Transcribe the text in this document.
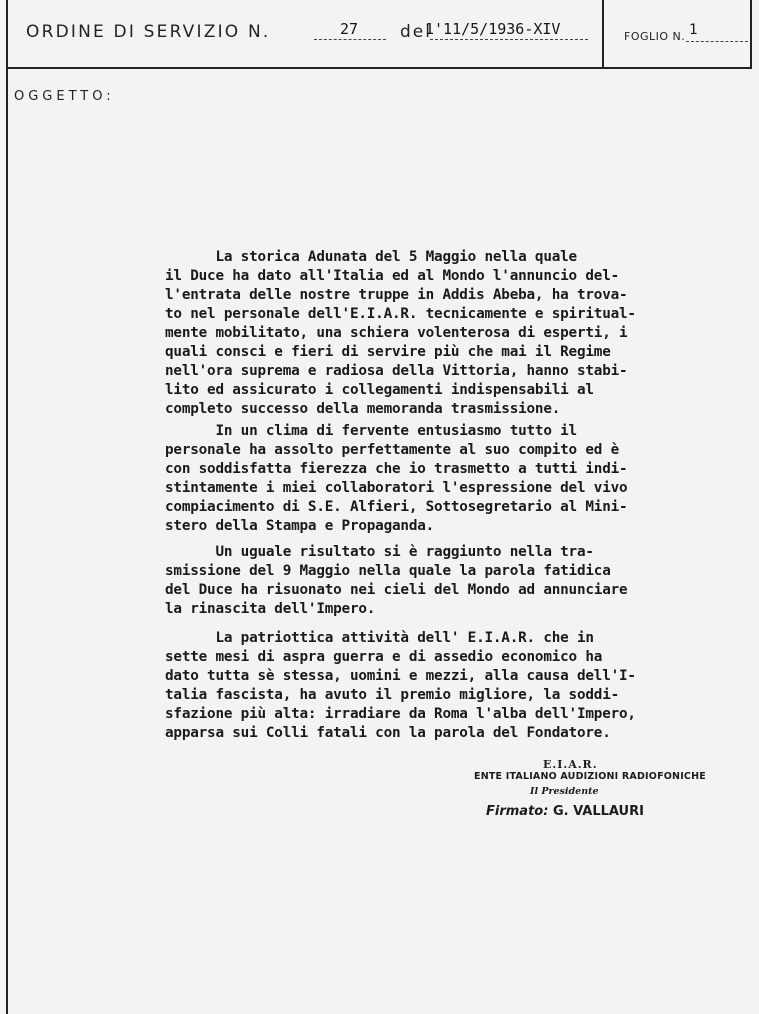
ORDINE DI SERVIZIO N.	27 del
1'11/5/1936-XIV	FOGLIO N. 1
OGGETTO:
La storica Adunata del 5 Maggio nella quale
il Duce ha dato all'Italia ed al Mondo l'annuncio del-
l'entrata delle nostre truppe in Addis Abeba, ha trova-
to nel personale dell'E.I.A.R. tecnicamente e spiritual-
mente mobilitato, una schiera volenterosa di esperti, i
quali consci e fieri di servire più che mai il Regime
nell'ora suprema e radiosa della Vittoria, hanno stabi-
lito ed assicurato i collegamenti indispensabili al
completo successo della memoranda trasmissione.
In un clima di fervente entusiasmo tutto il
personale ha assolto perfettamente al suo compito ed è
con soddisfatta fierezza che io trasmetto a tutti indi-
stintamente i miei collaboratori l'espressione del vivo
compiacimento di S.E. Alfieri, Sottosegretario al Mini-
stero della Stampa e Propaganda.
Un uguale risultato si è raggiunto nella tra-
smissione del 9 Maggio nella quale la parola fatidica
del Duce ha risuonato nei cieli del Mondo ad annunciare
la rinascita dell'Impero.
La patriottica attività dell' E.I.A.R. che in
sette mesi di aspra guerra e di assedio economico ha
dato tutta sè stessa, uomini e mezzi, alla causa dell'I-
talia fascista, ha avuto il premio migliore, la soddi-
sfazione più alta: irradiare da Roma l'alba dell'Impero,
apparsa sui Colli fatali con la parola del Fondatore.
E.I.A.R.
ENTE ITALIANO AUDIZIONI RADIOFONICHE
Il Presidente
Firmato: G. VALLAURI
